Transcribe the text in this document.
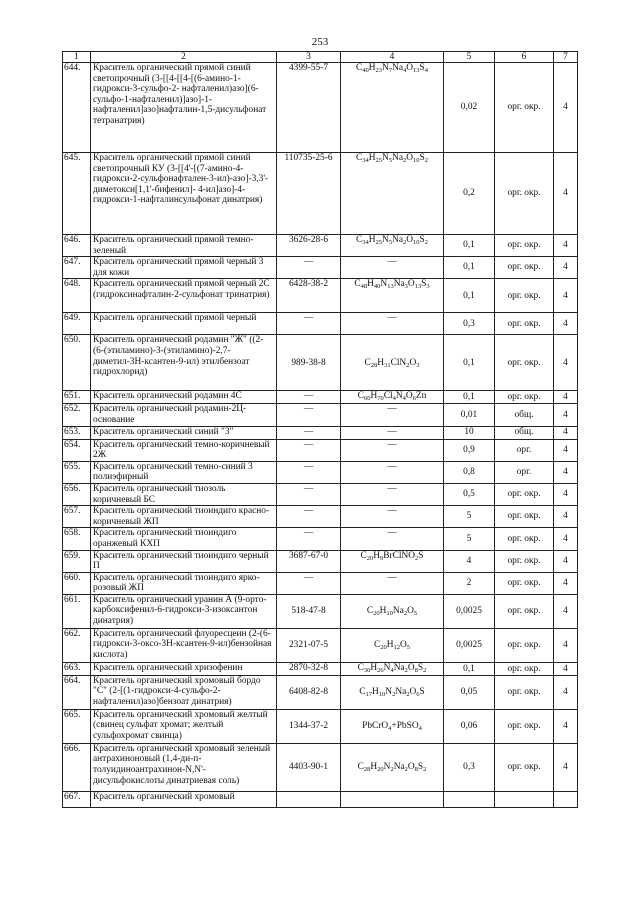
253
1	2	3	4	5	6	7
644.	Краситель органический прямой синий светопрочный (3-[[4-[[4-[(6-амино-1-гидрокси-3-сульфо-2- нафталенил)азо](6-сульфо-1-нафталенил)]азо]-1-нафталенил]азо]нафталин-1,5-дисульфонат тетранатрия)	4399-55-7	$C_{40}H_{23}N_7Na_4O_{13}S_4$	0,02	орг. окр.	4
645.	Краситель органический прямой синий светопрочный КУ (3-[[4'-[(7-амино-4-гидрокси-2-сульфонафтален-3-ил)-азо]-3,3'-диметокси[1,1'-бифенил]- 4-ил]азо]-4-гидрокси-1-нафталинсульфонат динатрия)	110735-25-6	$C_{34}H_{25}N_5Na_2O_{10}S_2$	0,2	орг. окр.	4
646.	Краситель органический прямой темно-зеленый	3626-28-6	$C_{34}H_{25}N_5Na_2O_{10}S_2$	0,1	орг. окр.	4
647.	Краситель органический прямой черный 3 для кожи	—	—	0,1	орг. окр.	4
648.	Краситель органический прямой черный 2С (гидроксинафталин-2-сульфонат тринатрия)	6428-38-2	$C_{48}H_{40}N_{13}Na_3O_{13}S_3$	0,1	орг. окр.	4
649.	Краситель органический прямой черный	—	—	0,3	орг. окр.	4
650.	Краситель органический родамин "Ж" ((2-(6-(этиламино)-3-(этиламино)-2,7-диметил-3Н-ксантен-9-ил) этилбензоат гидрохлорид)	989-38-8	$C_{28}H_{31}ClN_2O_3$	0,1	орг. окр.	4
651.	Краситель органический родамин 4С	—	$C_{60}H_{70}Cl_4N_4O_6Zn$	0,1	орг. окр.	4
652.	Краситель органический родамин-2Ц-основание	—	—	0,01	общ.	4
653.	Краситель органический синий "3"	—	—	10	общ.	4
654.	Краситель органический темно-коричневый 2Ж	—	—	0,9	орг.	4
655.	Краситель органический темно-синий 3 полиэфирный	—	—	0,8	орг.	4
656.	Краситель органический тиозоль коричневый БС	—	—	0,5	орг. окр.	4
657.	Краситель органический тиоиндиго красно- коричневый ЖП	—	—	5	орг. окр.	4
658.	Краситель органический тиоиндиго оранжевый КХП	—	—	5	орг. окр.	4
659.	Краситель органический тиоиндиго черный П	3687-67-0	$C_{20}H_9BrClNO_2S$	4	орг. окр.	4
660.	Краситель органический тиоиндиго ярко- розовый ЖП	—	—	2	орг. окр.	4
661.	Краситель органический уранин А (9-орто-карбоксифенил-6-гидрокси-3-изоксантон динатрия)	518-47-8	$C_{20}H_{10}Na_2O_5$	0,0025	орг. окр.	4
662.	Краситель органический флуоресцеин (2-(6-гидрокси-3-оксо-3Н-ксантен-9-ил)бензойная кислота)	2321-07-5	$C_{20}H_{12}O_5$	0,0025	орг. окр.	4
663.	Краситель органический хризофенин	2870-32-8	$C_{30}H_{26}N_4Na_2O_8S_2$	0,1	орг. окр.	4
664.	Краситель органический хромовый бордо "С" (2-[(1-гидрокси-4-сульфо-2-нафталенил)азо]бензоат динатрия)	6408-82-8	$C_{17}H_{10}N_2Na_2O_6S$	0,05	орг. окр.	4
665.	Краситель органический хромовый желтый (свинец сульфат хромат; желтый сульфохромат свинца)	1344-37-2	PbCrO$_4$+PbSO$_4$	0,06	орг. окр.	4
666.	Краситель органический хромовый зеленый антрахиноновый (1,4-ди-п-толуидиноантрахинон-N,N'-дисульфокислоты динатриевая соль)	4403-90-1	$C_{28}H_{20}N_2Na_2O_8S_2$	0,3	орг. окр.	4
667.	Краситель органический хромовый					
